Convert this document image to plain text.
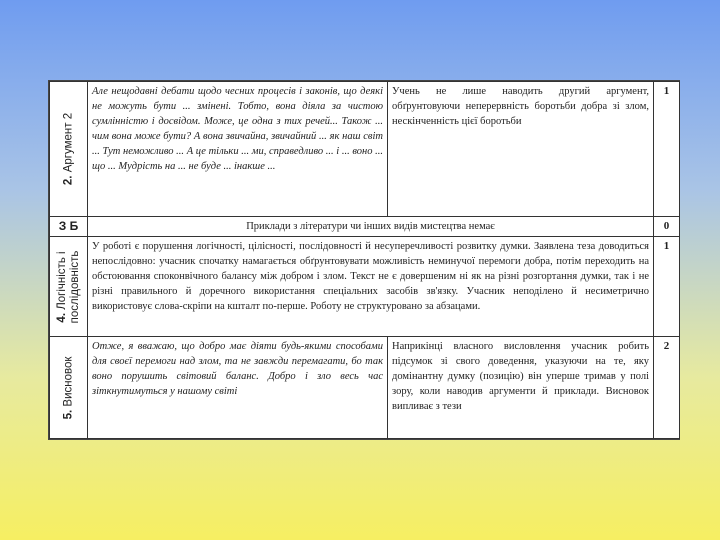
2. Аргумент 2	Але нещодавні дебати щодо чесних процесів і законів, що деякі не можуть бути ... змінені. Тобто, вона діяла за чистою сумлінністю і досвідом. Може, це одна з тих речей... Також ... чим вона може бути? А вона звичайна, звичайний ... як наш світ ... Тут неможливо ... А це тільки ... ми, справедливо ... і ... воно ... що ... Мудрість на ... не буде ... інакше ...	Учень не лише наводить другий аргумент, обґрунтовуючи неперервність боротьби добра зі злом, нескінченність цієї боротьби	1
З Б	Приклади з літератури чи інших видів мистецтва немає		0

4. Логічність і
послідовність	У роботі є порушення логічності, цілісності, послідовності й несуперечливості розвитку думки. Заявлена теза доводиться непослідовно: учасник спочатку намагається обґрунтовувати можливість неминучої перемоги добра, потім переходить на обстоювання споконвічного балансу між добром і злом. Текст не є довершеним ні як на різні розгортання думки, так і не різні правильного й доречного використання спеціальних засобів зв'язку. Учасник неподілено й несиметрично використовує слова-скріпи на кшталт по-перше. Роботу не структуровано за абзацами.		1

5. Висновок	Отже, я вважаю, що добро має діяти будь-якими способами для своєї перемоги над злом, та не завжди перемагати, бо так воно порушить світовий баланс. Добро і зло весь час зіткнутимуться у нашому світі	Наприкінці власного висловлення учасник робить підсумок зі свого доведення, указуючи на те, яку домінантну думку (позицію) він уперше тримав у полі зору, коли наводив аргументи й приклади. Висновок випливає з тези	2
